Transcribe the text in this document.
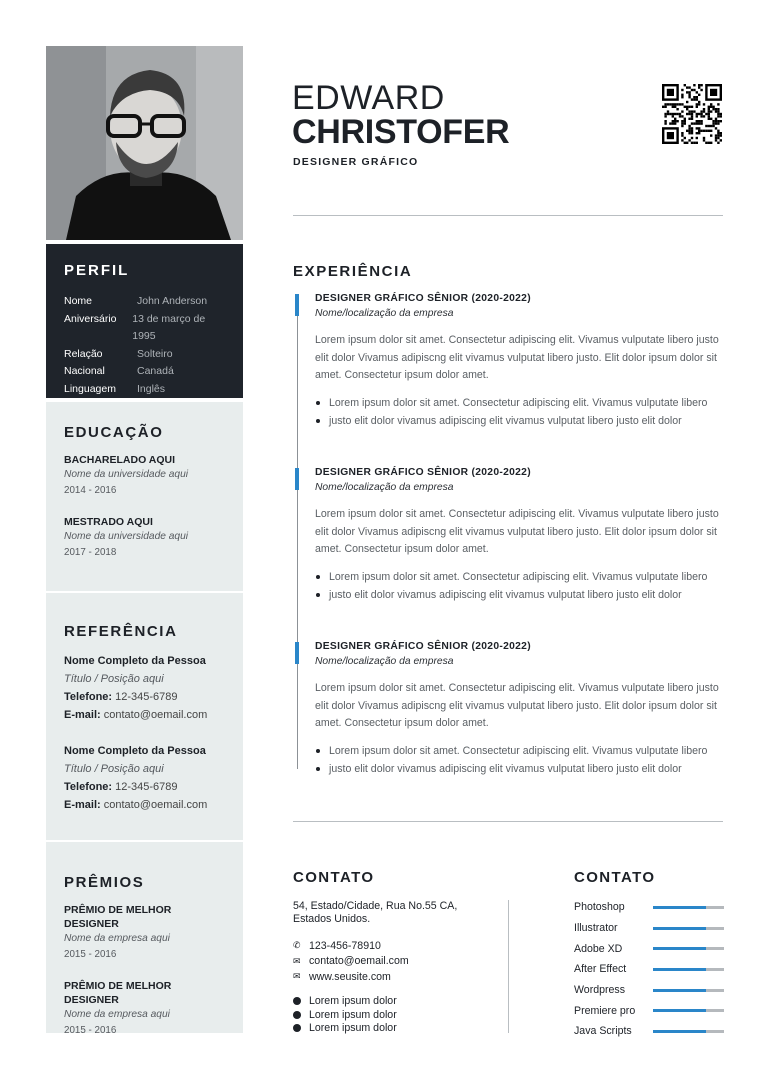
PERFIL
Nome	John Anderson
Aniversário	13 de março de 1995
Relação	Solteiro
Nacional	Canadá
Linguagem	Inglês
EDUCAÇÃO
BACHARELADO AQUI
Nome da universidade aqui
2014 - 2016
MESTRADO AQUI
Nome da universidade aqui
2017 - 2018
REFERÊNCIA
Nome Completo da Pessoa
Título / Posição aqui
Telefone: 12-345-6789
E-mail: contato@oemail.com
Nome Completo da Pessoa
Título / Posição aqui
Telefone: 12-345-6789
E-mail: contato@oemail.com
PRÊMIOS
PRÊMIO DE MELHOR DESIGNER
Nome da empresa aqui
2015 - 2016
PRÊMIO DE MELHOR DESIGNER
Nome da empresa aqui
2015 - 2016
EDWARD
CHRISTOFER
DESIGNER GRÁFICO
EXPERIÊNCIA
DESIGNER GRÁFICO SÊNIOR (2020-2022)
Nome/localização da empresa
Lorem ipsum dolor sit amet. Consectetur adipiscing elit. Vivamus vulputate libero justo elit dolor Vivamus adipiscng elit vivamus vulputat libero justo. Elit dolor ipsum dolor sit amet. Consectetur ipsum dolor amet.
Lorem ipsum dolor sit amet. Consectetur adipiscing elit. Vivamus vulputate libero
justo elit dolor vivamus adipiscing elit vivamus vulputat libero justo elit dolor
DESIGNER GRÁFICO SÊNIOR (2020-2022)
Nome/localização da empresa
Lorem ipsum dolor sit amet. Consectetur adipiscing elit. Vivamus vulputate libero justo elit dolor Vivamus adipiscng elit vivamus vulputat libero justo. Elit dolor ipsum dolor sit amet. Consectetur ipsum dolor amet.
Lorem ipsum dolor sit amet. Consectetur adipiscing elit. Vivamus vulputate libero
justo elit dolor vivamus adipiscing elit vivamus vulputat libero justo elit dolor
DESIGNER GRÁFICO SÊNIOR (2020-2022)
Nome/localização da empresa
Lorem ipsum dolor sit amet. Consectetur adipiscing elit. Vivamus vulputate libero justo elit dolor Vivamus adipiscng elit vivamus vulputat libero justo. Elit dolor ipsum dolor sit amet. Consectetur ipsum dolor amet.
Lorem ipsum dolor sit amet. Consectetur adipiscing elit. Vivamus vulputate libero
justo elit dolor vivamus adipiscing elit vivamus vulputat libero justo elit dolor
CONTATO
54, Estado/Cidade, Rua No.55 CA, Estados Unidos.
✆ 123-456-78910
✉ contato@oemail.com
✉ www.seusite.com
Lorem ipsum dolor
Lorem ipsum dolor
Lorem ipsum dolor
CONTATO
Photoshop
Illustrator
Adobe XD
After Effect
Wordpress
Premiere pro
Java Scripts
